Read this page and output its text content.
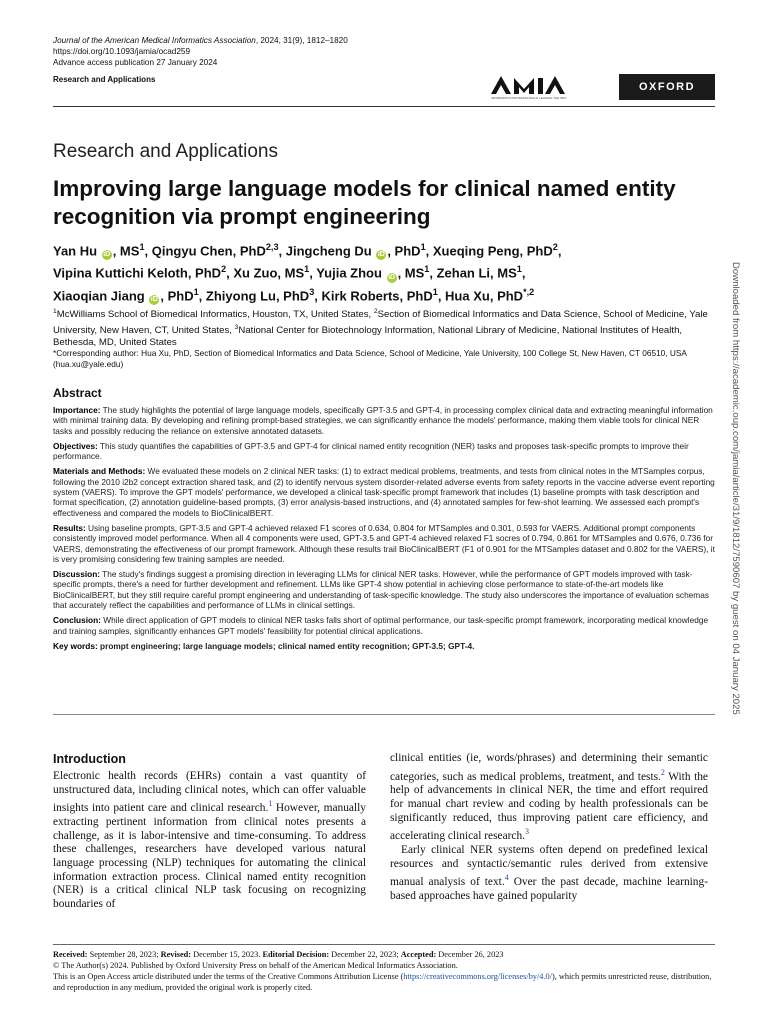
Journal of the American Medical Informatics Association, 2024, 31(9), 1812–1820
https://doi.org/10.1093/jamia/ocad259
Advance access publication 27 January 2024
Research and Applications
INFORMATICS PROFESSIONALS. LEADING THE WAY.
OXFORD
Research and Applications
Improving large language models for clinical named entity recognition via prompt engineering
Yan Hu iD , $MS^1$, Qingyu Chen, PhD$^{2,3}$, Jingcheng Du iD , PhD$^1$, Xueqing Peng, PhD$^2$,
Vipina Kuttichi Keloth, PhD$^2$, Xu Zuo, $MS^1$, Yujia Zhou iD , $MS^1$, Zehan Li, $MS^1$,
Xiaoqian Jiang iD , PhD$^1$, Zhiyong Lu, PhD$^3$, Kirk Roberts, PhD$^1$, Hua Xu, PhD$^{*,2}$
$^1$McWilliams School of Biomedical Informatics, Houston, TX, United States, $^2$Section of Biomedical Informatics and Data Science, School of Medicine, Yale University, New Haven, CT, United States, $^3$National Center for Biotechnology Information, National Library of Medicine, National Institutes of Health, Bethesda, MD, United States
*Corresponding author: Hua Xu, PhD, Section of Biomedical Informatics and Data Science, School of Medicine, Yale University, 100 College St, New Haven, CT 06510, USA (hua.xu@yale.edu)
Abstract

Importance: The study highlights the potential of large language models, specifically GPT-3.5 and GPT-4, in processing complex clinical data and extracting meaningful information with minimal training data. By developing and refining prompt-based strategies, we can significantly enhance the models' performance, making them viable tools for clinical NER tasks and possibly reducing the reliance on extensive annotated datasets.

Objectives: This study quantifies the capabilities of GPT-3.5 and GPT-4 for clinical named entity recognition (NER) tasks and proposes task-specific prompts to improve their performance.

Materials and Methods: We evaluated these models on 2 clinical NER tasks: (1) to extract medical problems, treatments, and tests from clinical notes in the MTSamples corpus, following the 2010 i2b2 concept extraction shared task, and (2) to identify nervous system disorder-related adverse events from safety reports in the vaccine adverse event reporting system (VAERS). To improve the GPT models' performance, we developed a clinical task-specific prompt framework that includes (1) baseline prompts with task description and format specification, (2) annotation guideline-based prompts, (3) error analysis-based instructions, and (4) annotated samples for few-shot learning. We assessed each prompt's effectiveness and compared the models to BioClinicalBERT.

Results: Using baseline prompts, GPT-3.5 and GPT-4 achieved relaxed F1 scores of 0.634, 0.804 for MTSamples and 0.301, 0.593 for VAERS. Additional prompt components consistently improved model performance. When all 4 components were used, GPT-3.5 and GPT-4 achieved relaxed F1 socres of 0.794, 0.861 for MTSamples and 0.676, 0.736 for VAERS, demonstrating the effectiveness of our prompt framework. Although these results trail BioClinicalBERT (F1 of 0.901 for the MTSamples dataset and 0.802 for the VAERS), it is very promising considering few training samples are needed.

Discussion: The study's findings suggest a promising direction in leveraging LLMs for clinical NER tasks. However, while the performance of GPT models improved with task-specific prompts, there's a need for further development and refinement. LLMs like GPT-4 show potential in achieving close performance to state-of-the-art models like BioClinicalBERT, but they still require careful prompt engineering and understanding of task-specific knowledge. The study also underscores the importance of evaluation schemas that accurately reflect the capabilities and performance of LLMs in clinical settings.

Conclusion: While direct application of GPT models to clinical NER tasks falls short of optimal performance, our task-specific prompt framework, incorporating medical knowledge and training samples, significantly enhances GPT models' feasibility for potential clinical applications.

Key words: prompt engineering; large language models; clinical named entity recognition; GPT-3.5; GPT-4.

Introduction

Electronic health records (EHRs) contain a vast quantity of unstructured data, including clinical notes, which can offer valuable insights into patient care and clinical research.$^1$ However, manually extracting pertinent information from clinical notes presents a challenge, as it is labor-intensive and time-consuming. To address these challenges, researchers have developed various natural language processing (NLP) techniques for automating the clinical information extraction process. Clinical named entity recognition (NER) is a critical clinical NLP task focusing on recognizing boundaries of

clinical entities (ie, words/phrases) and determining their semantic categories, such as medical problems, treatment, and tests.$^2$ With the help of advancements in clinical NER, the time and effort required for manual chart review and coding by health professionals can be significantly reduced, thus improving patient care efficiency, and accelerating clinical research.$^3$

Early clinical NER systems often depend on predefined lexical resources and syntactic/semantic rules derived from extensive manual analysis of text.$^4$ Over the past decade, machine learning-based approaches have gained popularity

Received: September 28, 2023; Revised: December 15, 2023. Editorial Decision: December 22, 2023; Accepted: December 26, 2023
© The Author(s) 2024. Published by Oxford University Press on behalf of the American Medical Informatics Association.
This is an Open Access article distributed under the terms of the Creative Commons Attribution License (https://creativecommons.org/licenses/by/4.0/), which permits unrestricted reuse, distribution, and reproduction in any medium, provided the original work is properly cited.
Downloaded from https://academic.oup.com/jamia/article/31/9/1812/7590607 by guest on 04 January 2025
